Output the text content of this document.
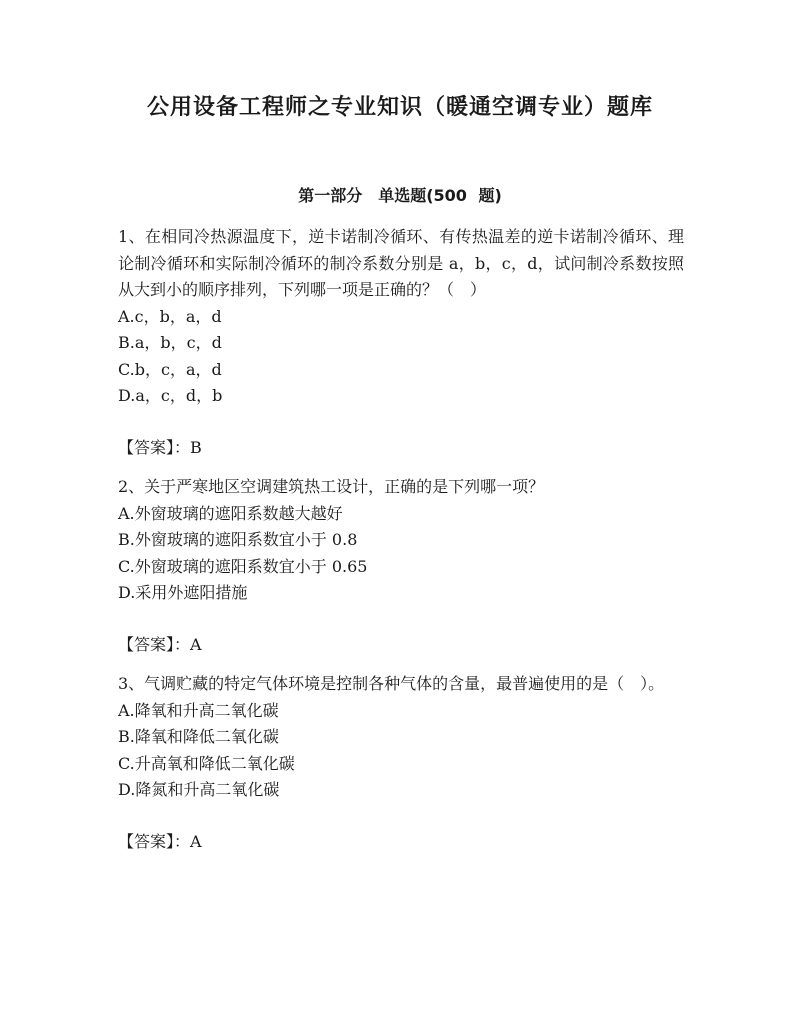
公用设备工程师之专业知识（暖通空调专业）题库
第一部分　单选题(500 题)

1、在相同冷热源温度下，逆卡诺制冷循环、有传热温差的逆卡诺制冷循环、理论制冷循环和实际制冷循环的制冷系数分别是 a，b，c，d，试问制冷系数按照从大到小的顺序排列，下列哪一项是正确的？（　）

A.c，b，a，d

B.a，b，c，d

C.b，c，a，d

D.a，c，d，b

【答案】：B

2、关于严寒地区空调建筑热工设计，正确的是下列哪一项？

A.外窗玻璃的遮阳系数越大越好

B.外窗玻璃的遮阳系数宜小于 0.8

C.外窗玻璃的遮阳系数宜小于 0.65

D.采用外遮阳措施

【答案】：A

3、气调贮藏的特定气体环境是控制各种气体的含量，最普遍使用的是（　）。

A.降氧和升高二氧化碳

B.降氧和降低二氧化碳

C.升高氧和降低二氧化碳

D.降氮和升高二氧化碳

【答案】：A
